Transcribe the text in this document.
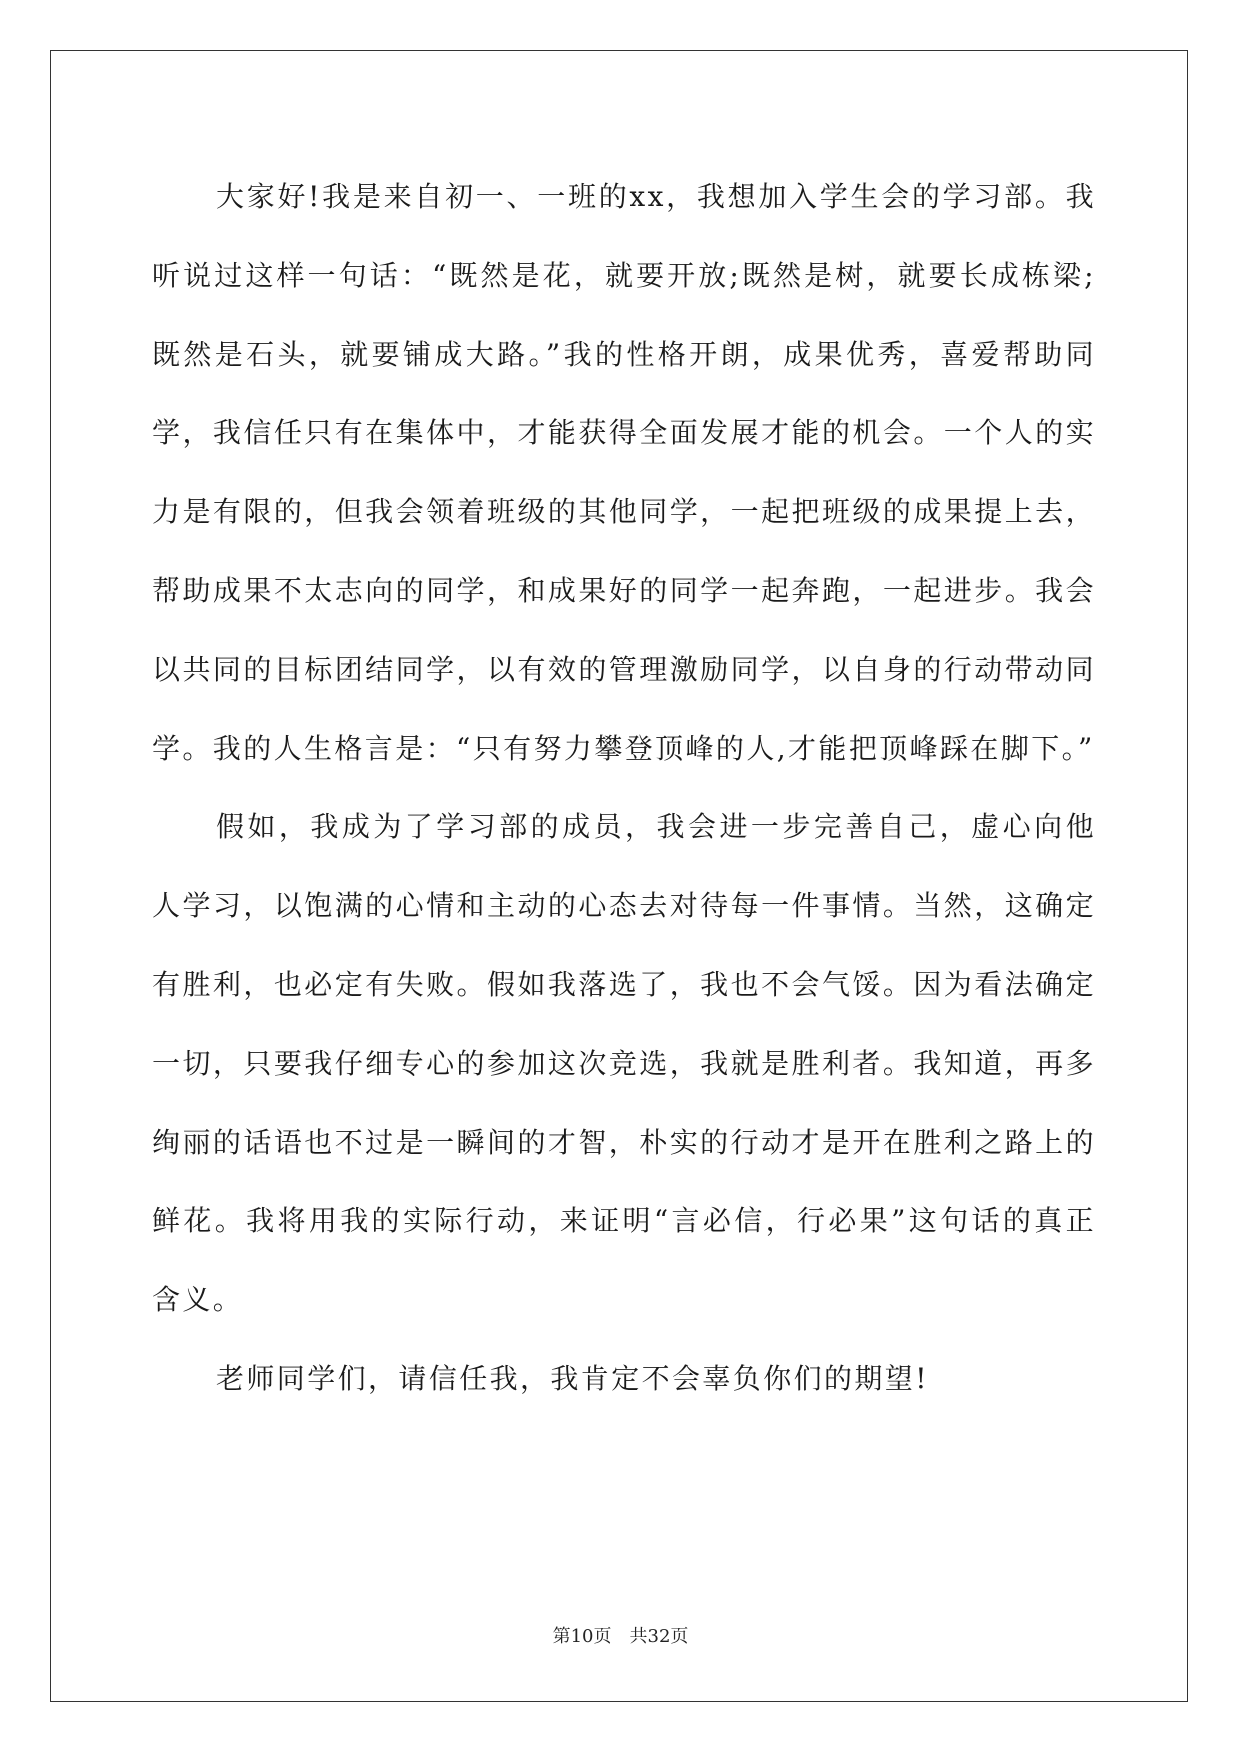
大家好!我是来自初一、一班的xx，我想加入学生会的学习部。我听说过这样一句话：“既然是花，就要开放;既然是树，就要长成栋梁;既然是石头，就要铺成大路。”我的性格开朗，成果优秀，喜爱帮助同学，我信任只有在集体中，才能获得全面发展才能的机会。一个人的实力是有限的，但我会领着班级的其他同学，一起把班级的成果提上去，帮助成果不太志向的同学，和成果好的同学一起奔跑，一起进步。我会以共同的目标团结同学，以有效的管理激励同学，以自身的行动带动同学。我的人生格言是：“只有努力攀登顶峰的人,才能把顶峰踩在脚下。”

假如，我成为了学习部的成员，我会进一步完善自己，虚心向他人学习，以饱满的心情和主动的心态去对待每一件事情。当然，这确定有胜利，也必定有失败。假如我落选了，我也不会气馁。因为看法确定一切，只要我仔细专心的参加这次竞选，我就是胜利者。我知道，再多绚丽的话语也不过是一瞬间的才智，朴实的行动才是开在胜利之路上的鲜花。我将用我的实际行动，来证明“言必信，行必果”这句话的真正含义。

老师同学们，请信任我，我肯定不会辜负你们的期望!

第10页 共32页
